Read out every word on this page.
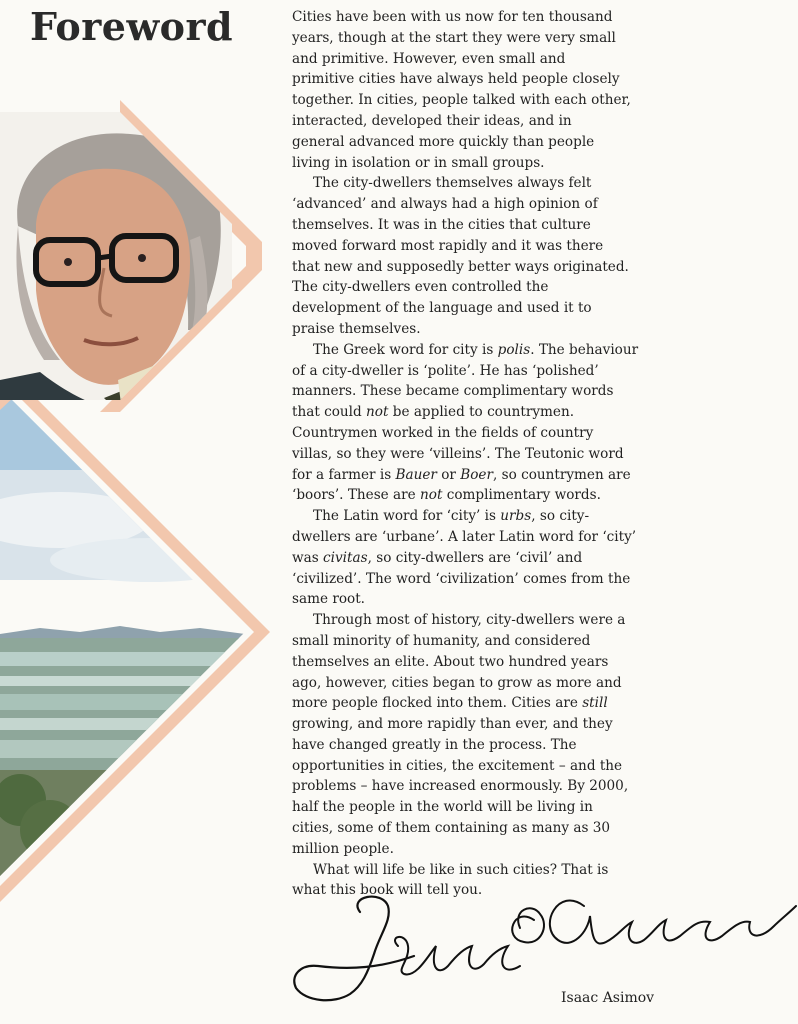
Foreword	Cities have been with us now for ten thousand
years, though at the start they were very small
and primitive. However, even small and
primitive cities have always held people closely
together. In cities, people talked with each other,
interacted, developed their ideas, and in
general advanced more quickly than people
living in isolation or in small groups.

The city-dwellers themselves always felt
‘advanced’ and always had a high opinion of
themselves. It was in the cities that culture
moved forward most rapidly and it was there
that new and supposedly better ways originated.
The city-dwellers even controlled the
development of the language and used it to
praise themselves.

The Greek word for city is polis. The behaviour
of a city-dweller is ‘polite’. He has ‘polished’
manners. These became complimentary words
that could not be applied to countrymen.
Countrymen worked in the fields of country
villas, so they were ‘villeins’. The Teutonic word
for a farmer is Bauer or Boer, so countrymen are
‘boors’. These are not complimentary words.

The Latin word for ‘city’ is urbs, so city-
dwellers are ‘urbane’. A later Latin word for ‘city’
was civitas, so city-dwellers are ‘civil’ and
‘civilized’. The word ‘civilization’ comes from the
same root.

Through most of history, city-dwellers were a
small minority of humanity, and considered
themselves an elite. About two hundred years
ago, however, cities began to grow as more and
more people flocked into them. Cities are still
growing, and more rapidly than ever, and they
have changed greatly in the process. The
opportunities in cities, the excitement – and the
problems – have increased enormously. By 2000,
half the people in the world will be living in
cities, some of them containing as many as 30
million people.

What will life be like in such cities? That is
what this book will tell you.

Isaac Asimov
